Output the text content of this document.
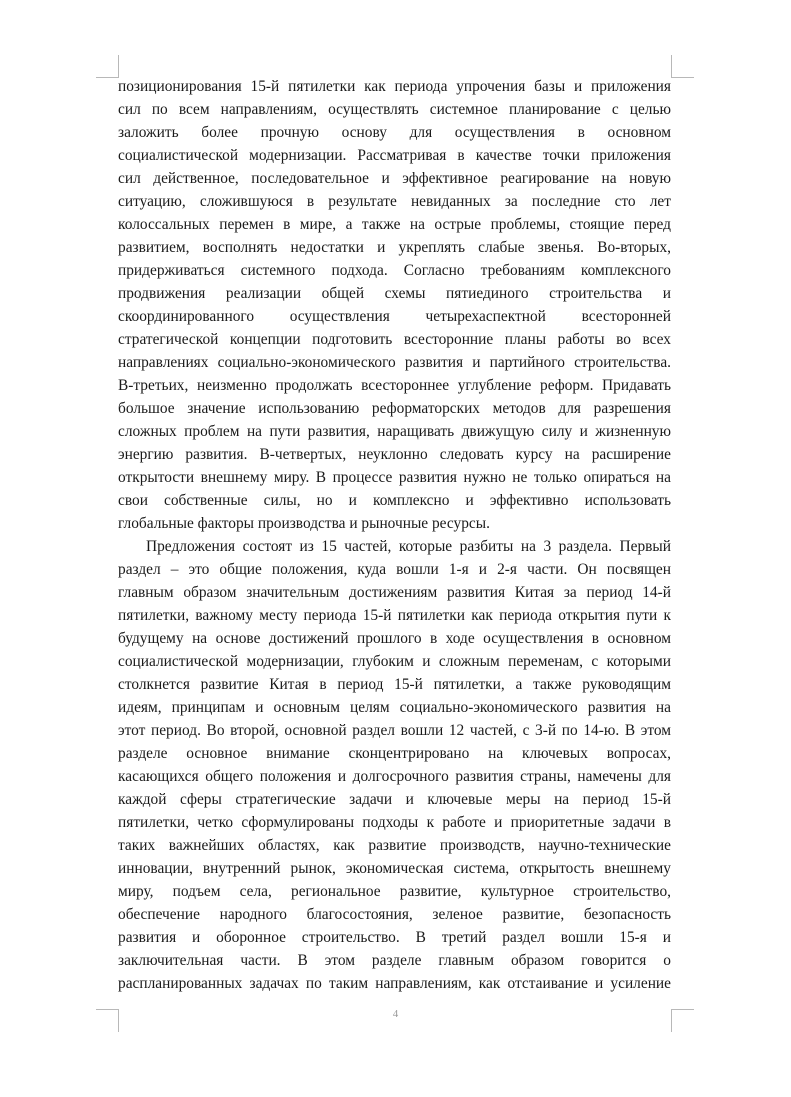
позиционирования 15-й пятилетки как периода упрочения базы и приложения
сил по всем направлениям, осуществлять системное планирование с целью
заложить более прочную основу для осуществления в основном
социалистической модернизации. Рассматривая в качестве точки приложения
сил действенное, последовательное и эффективное реагирование на новую
ситуацию, сложившуюся в результате невиданных за последние сто лет
колоссальных перемен в мире, а также на острые проблемы, стоящие перед
развитием, восполнять недостатки и укреплять слабые звенья. Во-вторых,
придерживаться системного подхода. Согласно требованиям комплексного
продвижения реализации общей схемы пятиединого строительства и
скоординированного осуществления четырехаспектной всесторонней
стратегической концепции подготовить всесторонние планы работы во всех
направлениях социально-экономического развития и партийного строительства.
В-третьих, неизменно продолжать всестороннее углубление реформ. Придавать
большое значение использованию реформаторских методов для разрешения
сложных проблем на пути развития, наращивать движущую силу и жизненную
энергию развития. В-четвертых, неуклонно следовать курсу на расширение
открытости внешнему миру. В процессе развития нужно не только опираться на
свои собственные силы, но и комплексно и эффективно использовать
глобальные факторы производства и рыночные ресурсы.

Предложения состоят из 15 частей, которые разбиты на 3 раздела. Первый
раздел – это общие положения, куда вошли 1-я и 2-я части. Он посвящен
главным образом значительным достижениям развития Китая за период 14-й
пятилетки, важному месту периода 15-й пятилетки как периода открытия пути к
будущему на основе достижений прошлого в ходе осуществления в основном
социалистической модернизации, глубоким и сложным переменам, с которыми
столкнется развитие Китая в период 15-й пятилетки, а также руководящим
идеям, принципам и основным целям социально-экономического развития на
этот период. Во второй, основной раздел вошли 12 частей, с 3-й по 14-ю. В этом
разделе основное внимание сконцентрировано на ключевых вопросах,
касающихся общего положения и долгосрочного развития страны, намечены для
каждой сферы стратегические задачи и ключевые меры на период 15-й
пятилетки, четко сформулированы подходы к работе и приоритетные задачи в
таких важнейших областях, как развитие производств, научно-технические
инновации, внутренний рынок, экономическая система, открытость внешнему
миру, подъем села, региональное развитие, культурное строительство,
обеспечение народного благосостояния, зеленое развитие, безопасность
развития и оборонное строительство. В третий раздел вошли 15-я и
заключительная части. В этом разделе главным образом говорится о
распланированных задачах по таким направлениям, как отстаивание и усиление

4
